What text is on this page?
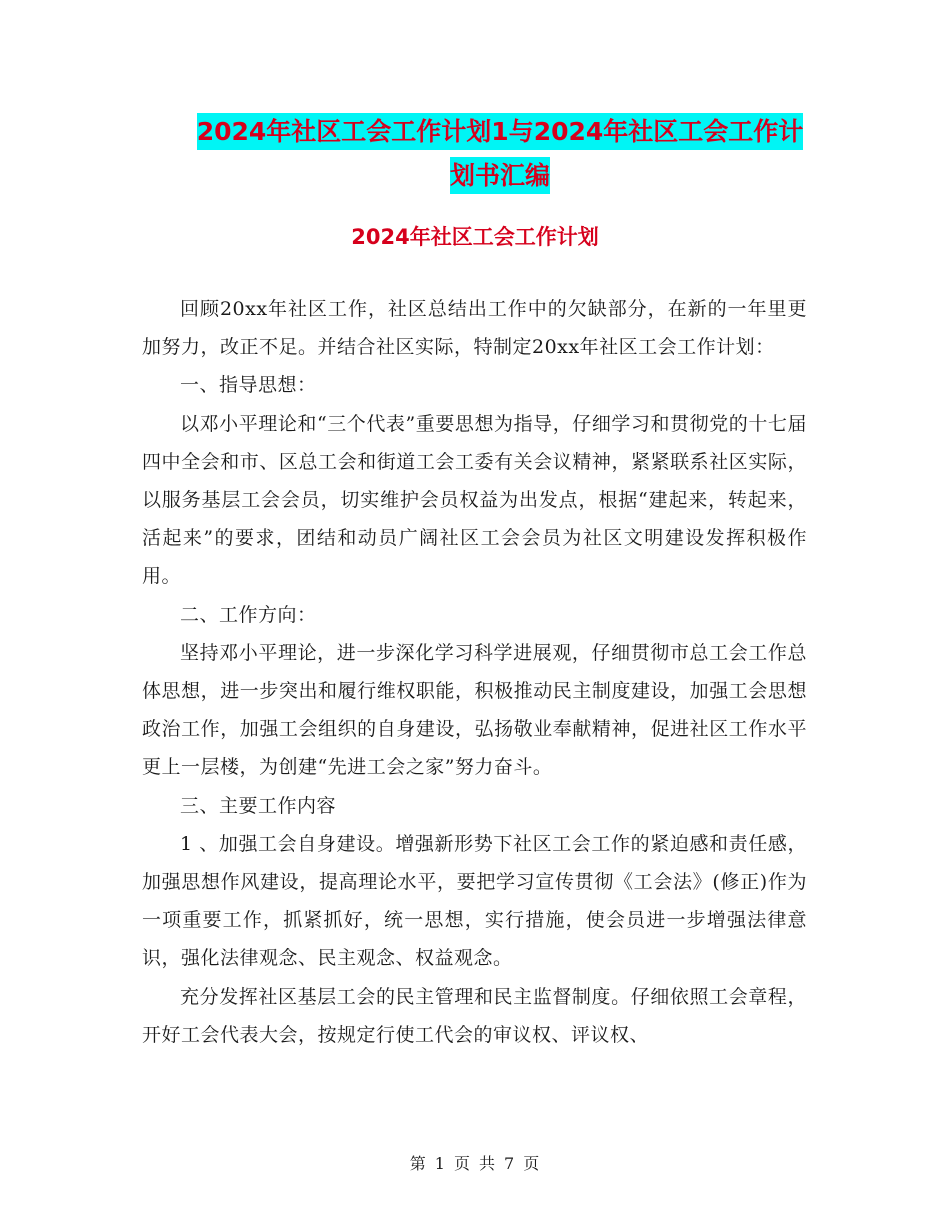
2024年社区工会工作计划1与2024年社区工会工作计
划书汇编
2024年社区工会工作计划

回顾20xx年社区工作，社区总结出工作中的欠缺部分，在新的一年里更加努力，改正不足。并结合社区实际，特制定20xx年社区工会工作计划：

一、指导思想：

以邓小平理论和“三个代表”重要思想为指导，仔细学习和贯彻党的十七届四中全会和市、区总工会和街道工会工委有关会议精神，紧紧联系社区实际，以服务基层工会会员，切实维护会员权益为出发点，根据“建起来，转起来，活起来”的要求，团结和动员广阔社区工会会员为社区文明建设发挥积极作用。

二、工作方向：

坚持邓小平理论，进一步深化学习科学进展观，仔细贯彻市总工会工作总体思想，进一步突出和履行维权职能，积极推动民主制度建设，加强工会思想政治工作，加强工会组织的自身建设，弘扬敬业奉献精神，促进社区工作水平更上一层楼，为创建“先进工会之家”努力奋斗。

三、主要工作内容

1 、加强工会自身建设。增强新形势下社区工会工作的紧迫感和责任感，加强思想作风建设，提高理论水平，要把学习宣传贯彻《工会法》(修正)作为一项重要工作，抓紧抓好，统一思想，实行措施，使会员进一步增强法律意识，强化法律观念、民主观念、权益观念。

充分发挥社区基层工会的民主管理和民主监督制度。仔细依照工会章程，开好工会代表大会，按规定行使工代会的审议权、评议权、

第 1 页 共 7 页
